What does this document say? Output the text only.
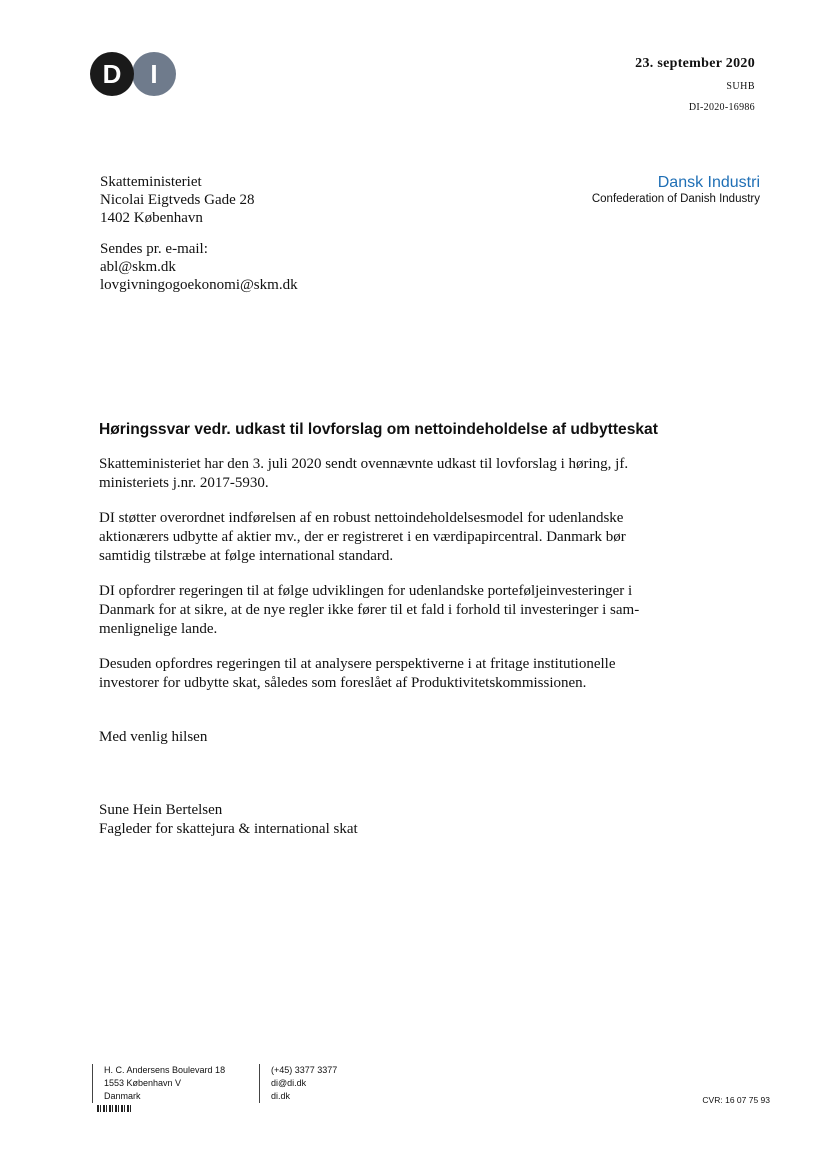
D	I	23. september 2020
SUHB
DI-2020-16986
Skatteministeriet
Nicolai Eigtveds Gade 28
1402 København
Sendes pr. e-mail:
abl@skm.dk
lovgivningogoekonomi@skm.dk
Dansk Industri
Confederation of Danish Industry
Høringssvar vedr. udkast til lovforslag om nettoindeholdelse af udbytteskat

Skatteministeriet har den 3. juli 2020 sendt ovennævnte udkast til lovforslag i høring, jf.
ministeriets j.nr. 2017-5930.

DI støtter overordnet indførelsen af en robust nettoindeholdelsesmodel for udenlandske
aktionærers udbytte af aktier mv., der er registreret i en værdipapircentral. Danmark bør
samtidig tilstræbe at følge international standard.

DI opfordrer regeringen til at følge udviklingen for udenlandske porteføljeinvesteringer i
Danmark for at sikre, at de nye regler ikke fører til et fald i forhold til investeringer i sam-
menlignelige lande.

Desuden opfordres regeringen til at analysere perspektiverne i at fritage institutionelle
investorer for udbytte skat, således som foreslået af Produktivitetskommissionen.

Med venlig hilsen
Sune Hein Bertelsen
Fagleder for skattejura & international skat
H. C. Andersens Boulevard 18
1553 København V
Danmark
(+45) 3377 3377
di@di.dk
di.dk	CVR: 16 07 75 93
